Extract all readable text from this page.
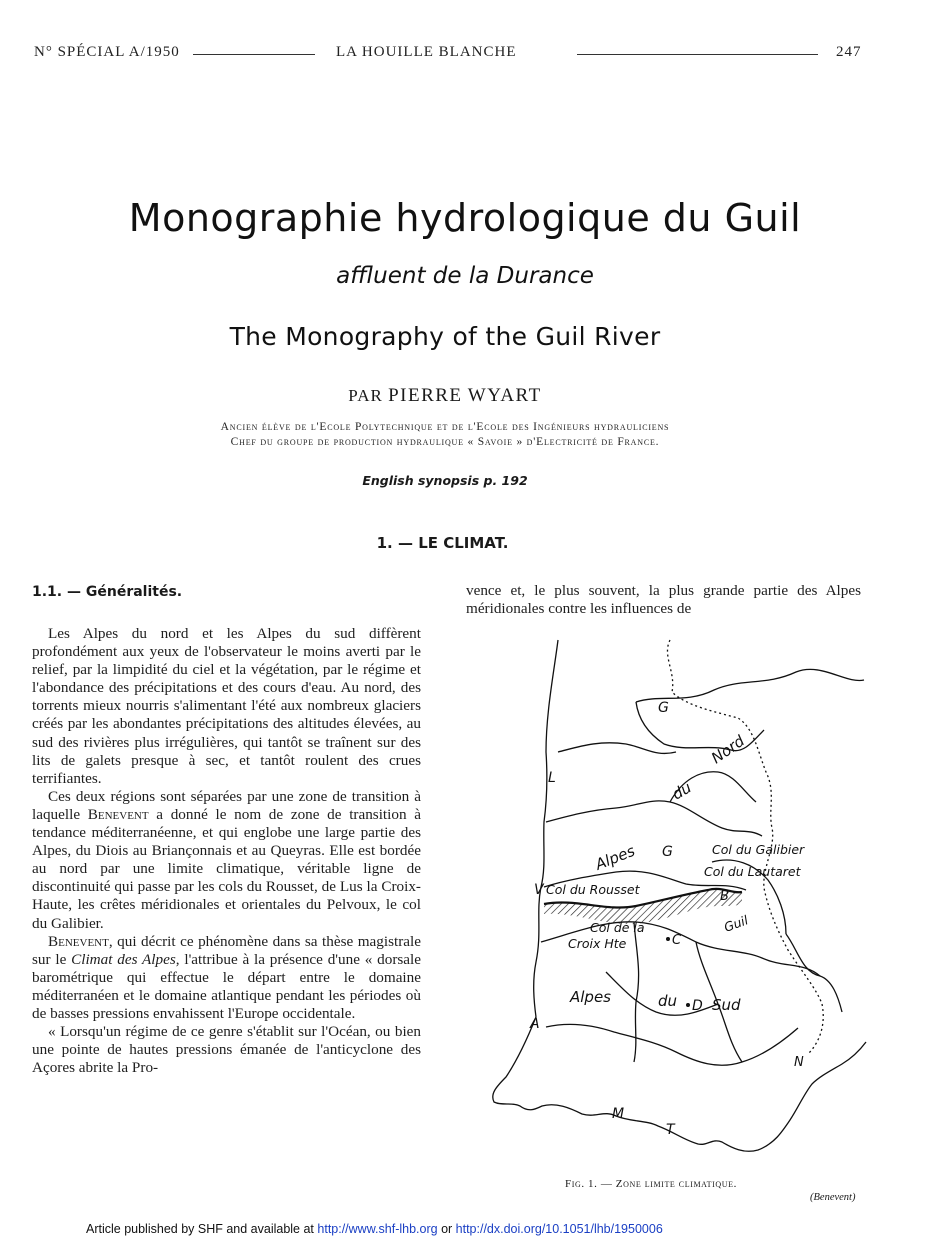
N° SPÉCIAL A/1950	LA HOUILLE BLANCHE	247
Monographie hydrologique du Guil
affluent de la Durance
The Monography of the Guil River
PAR PIERRE WYART
Ancien élève de l'Ecole Polytechnique et de l'Ecole des Ingénieurs hydrauliciens
Chef du groupe de production hydraulique « Savoie » d'Electricité de France.
English synopsis p. 192
1. — LE CLIMAT.
1.1. — Généralités.	vence et, le plus souvent, la plus grande partie des Alpes méridionales contre les influences de

Les Alpes du nord et les Alpes du sud diffèrent profondément aux yeux de l'observateur le moins averti par le relief, par la limpidité du ciel et la végétation, par le régime et l'abondance des précipitations et des cours d'eau. Au nord, des torrents mieux nourris s'alimentant l'été aux nombreux glaciers créés par les abondantes précipitations des altitudes élevées, au sud des rivières plus irrégulières, qui tantôt se traînent sur des lits de galets presque à sec, et tantôt roulent des crues terrifiantes.

Ces deux régions sont séparées par une zone de transition à laquelle Benevent a donné le nom de zone de transition à tendance méditerranéenne, et qui englobe une large partie des Alpes, du Diois au Briançonnais et au Queyras. Elle est bordée au nord par une limite climatique, véritable ligne de discontinuité qui passe par les cols du Rousset, de Lus la Croix-Haute, les crêtes méridionales et orientales du Pelvoux, le col du Galibier.

Benevent, qui décrit ce phénomène dans sa thèse magistrale sur le Climat des Alpes, l'attribue à la présence d'une « dorsale barométrique qui effectue le départ entre le domaine méditerranéen et le domaine atlantique pendant les périodes où de basses pressions envahissent l'Europe occidentale.

« Lorsqu'un régime de ce genre s'établit sur l'Océan, ou bien une pointe de hautes pressions émanée de l'anticyclone des Açores abrite la Pro-

G
L
G
V
Alpes
du
Nord
Col du Galibier
Col du Lautaret
Col du Rousset
Col de la
Croix Hte
B
C
Guil
Alpes	du D Sud
A
N
M
T
Fig. 1. — Zone limite climatique.
(Benevent)
Article published by SHF and available at http://www.shf-lhb.org or http://dx.doi.org/10.1051/lhb/1950006
